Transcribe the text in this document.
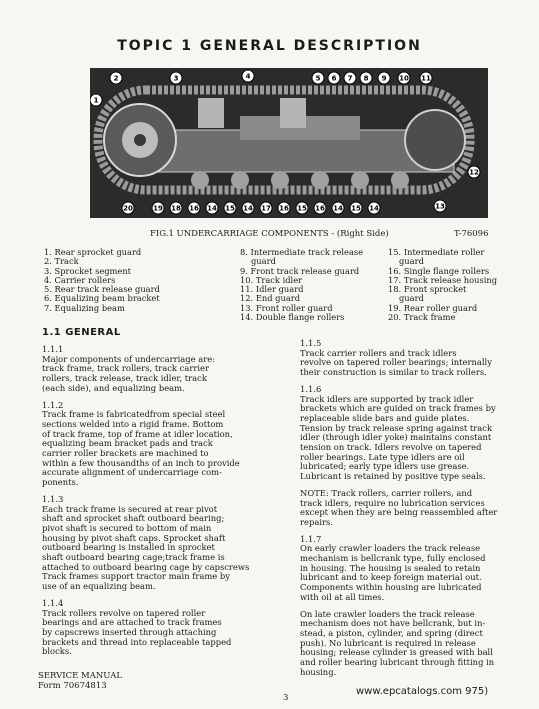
TOPIC 1 GENERAL DESCRIPTION
2	3	4	5 6 7 8 9 10 11
1
12
13
20	19 18 16 14 15 14 17 16 15 16 14 15 14
FIG.1 UNDERCARRIAGE COMPONENTS - (Right Side)	T-76096
1. Rear sprocket guard
2. Track
3. Sprocket segment
4. Carrier rollers
5. Rear track release guard
6. Equalizing beam bracket
7. Equalizing beam
8. Intermediate track release
guard
9. Front track release guard
10. Track idler
11. Idler guard
12. End guard
13. Front roller guard
14. Double flange rollers
15. Intermediate roller
guard
16. Single flange rollers
17. Track release housing
18. Front sprocket
guard
19. Rear roller guard
20. Track frame
1.1 GENERAL
1.1.1

Major components of undercarriage are:
track frame, track rollers, track carrier
rollers, track release, track idler, track
(each side), and equalizing beam.

1.1.2

Track frame is fabricatedfrom special steel
sections welded into a rigid frame. Bottom
of track frame, top of frame at idler location,
equalizing beam bracket pads and track
carrier roller brackets are machined to
within a few thousandths of an inch to provide
accurate alignment of undercarriage com-
ponents.

1.1.3

Each track frame is secured at rear pivot
shaft and sprocket shaft outboard bearing;
pivot shaft is secured to bottom of main
housing by pivot shaft caps. Sprocket shaft
outboard bearing is installed in sprocket
shaft outboard bearing cage;track frame is
attached to outboard bearing cage by capscrews
Track frames support tractor main frame by
use of an equalizing beam.

1.1.4

Track rollers revolve on tapered roller
bearings and are attached to track frames
by capscrews inserted through attaching
brackets and thread into replaceable tapped
blocks.

1.1.5

Track carrier rollers and track idlers
revolve on tapered roller bearings; internally
their construction is similar to track rollers.

1.1.6

Track idlers are supported by track idler
brackets which are guided on track frames by
replaceable slide bars and guide plates.
Tension by track release spring against track
idler (through idler yoke) maintains constant
tension on track. Idlers revolve on tapered
roller bearings. Late type idlers are oil
lubricated; early type idlers use grease.
Lubricant is retained by positive type seals.

NOTE: Track rollers, carrier rollers, and
track idlers, require no lubrication services
except when they are being reassembled after
repairs.

1.1.7

On early crawler loaders the track release
mechanism is bellcrank type, fully enclosed
in housing. The housing is sealed to retain
lubricant and to keep foreign material out.
Components within housing are lubricated
with oil at all times.

On late crawler loaders the track release
mechanism does not have bellcrank, but in-
stead, a piston, cylinder, and spring (direct
push). No lubricant is required in release
housing; release cylinder is greased with ball
and roller bearing lubricant through fitting in
housing.

SERVICE MANUAL
Form 70674813
3
www.epcatalogs.com 975)
